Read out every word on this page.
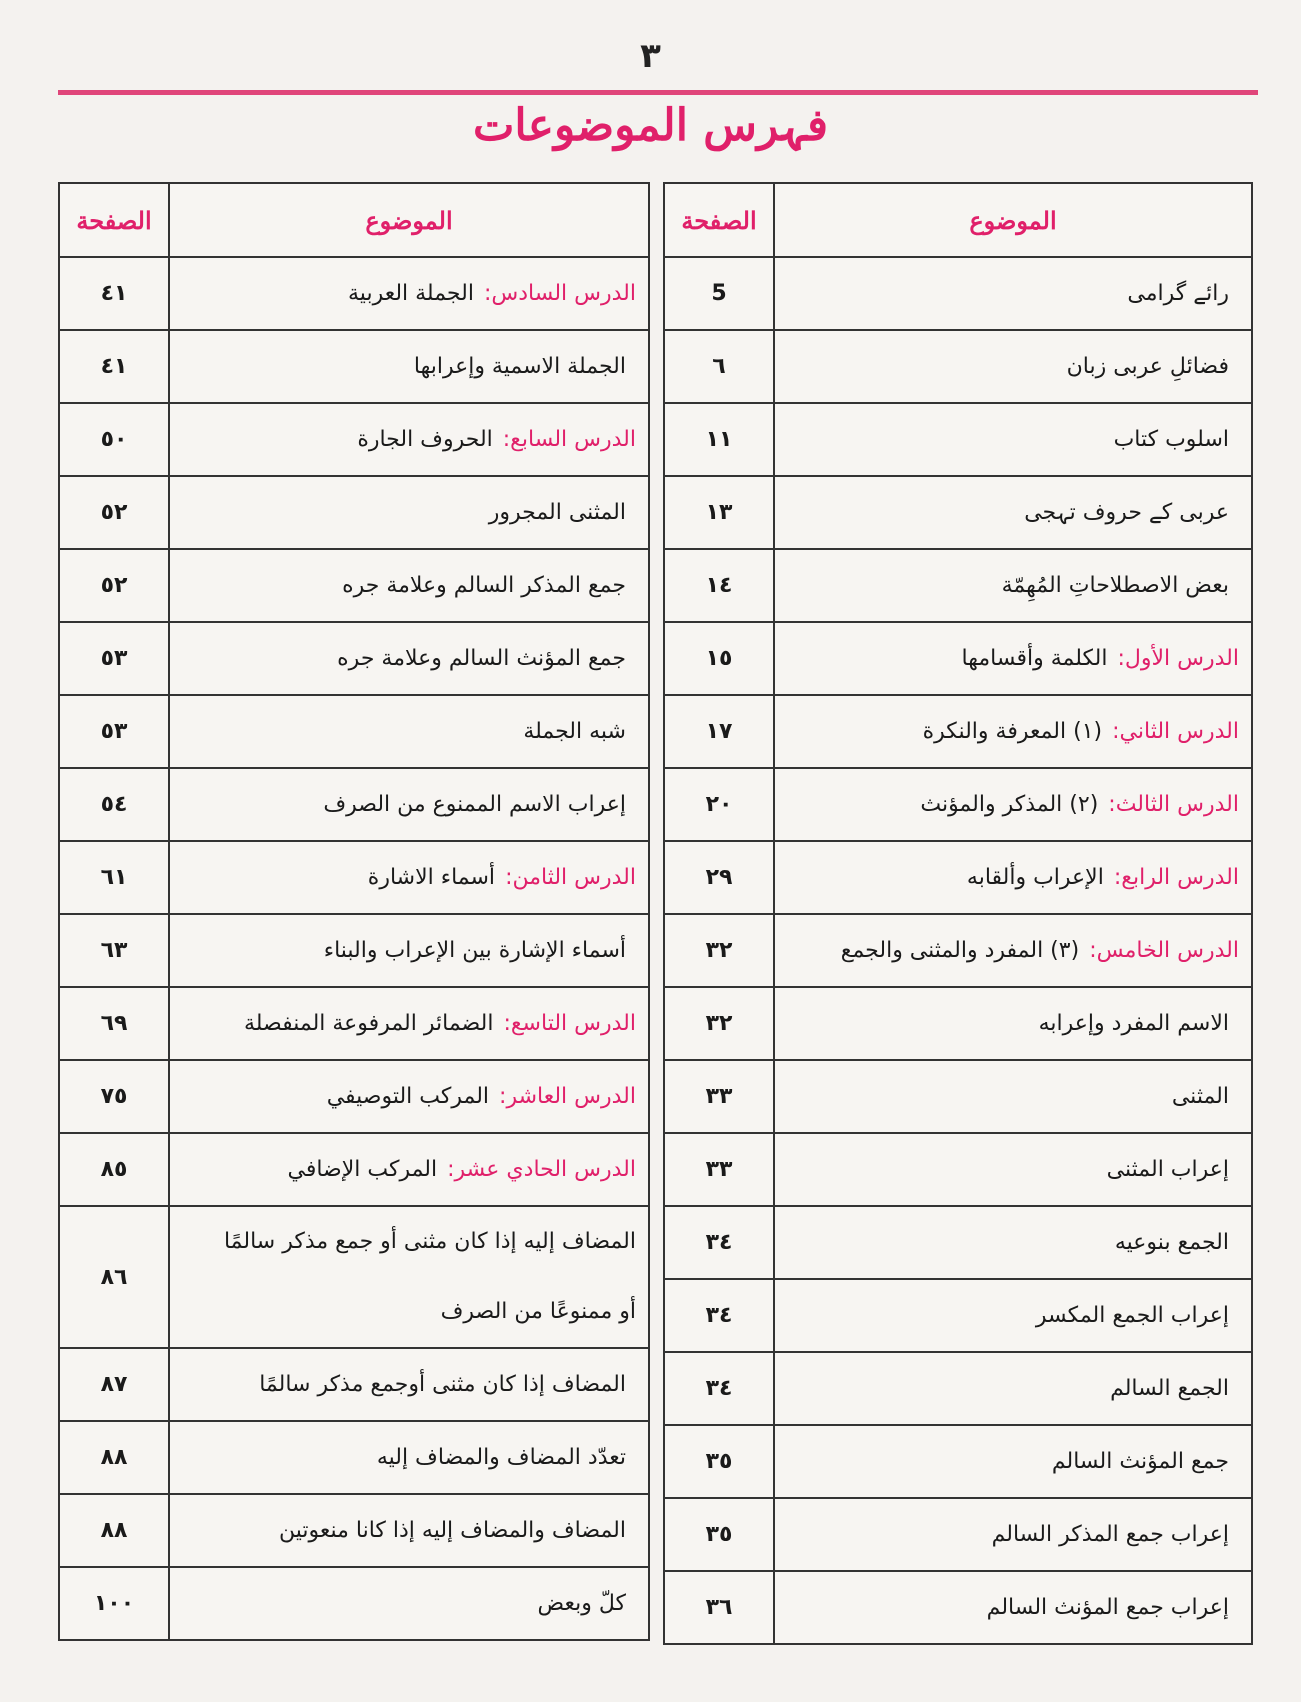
٣
فہرس الموضوعات
الموضوع	الصفحة
رائے گرامی	5
فضائلِ عربی زبان	٦
اسلوب کتاب	١١
عربی کے حروف تہجی	١٣
بعض الاصطلاحاتِ المُهِمّة	١٤
الدرس الأول:الكلمة وأقسامها	١٥
الدرس الثاني:(١) المعرفة والنكرة	١٧
الدرس الثالث:(٢) المذكر والمؤنث	٢٠
الدرس الرابع:الإعراب وألقابه	٢٩
الدرس الخامس:(٣) المفرد والمثنى والجمع	٣٢
الاسم المفرد وإعرابه	٣٢
المثنى	٣٣
إعراب المثنى	٣٣
الجمع بنوعيه	٣٤
إعراب الجمع المكسر	٣٤
الجمع السالم	٣٤
جمع المؤنث السالم	٣٥
إعراب جمع المذكر السالم	٣٥
إعراب جمع المؤنث السالم	٣٦
الموضوع	الصفحة
الدرس السادس:الجملة العربية	٤١
الجملة الاسمية وإعرابها	٤١
الدرس السابع:الحروف الجارة	٥٠
المثنى المجرور	٥٢
جمع المذكر السالم وعلامة جره	٥٢
جمع المؤنث السالم وعلامة جره	٥٣
شبه الجملة	٥٣
إعراب الاسم الممنوع من الصرف	٥٤
الدرس الثامن:أسماء الاشارة	٦١
أسماء الإشارة بين الإعراب والبناء	٦٣
الدرس التاسع:الضمائر المرفوعة المنفصلة	٦٩
الدرس العاشر:المركب التوصيفي	٧٥
الدرس الحادي عشر:المركب الإضافي	٨٥

المضاف إليه إذا كان مثنى أو جمع مذكر سالمًا
أو ممنوعًا من الصرف	٨٦
المضاف إذا كان مثنى أوجمع مذكر سالمًا	٨٧
تعدّد المضاف والمضاف إليه	٨٨
المضاف والمضاف إليه إذا كانا منعوتين	٨٨
كلّ وبعض	١٠٠
